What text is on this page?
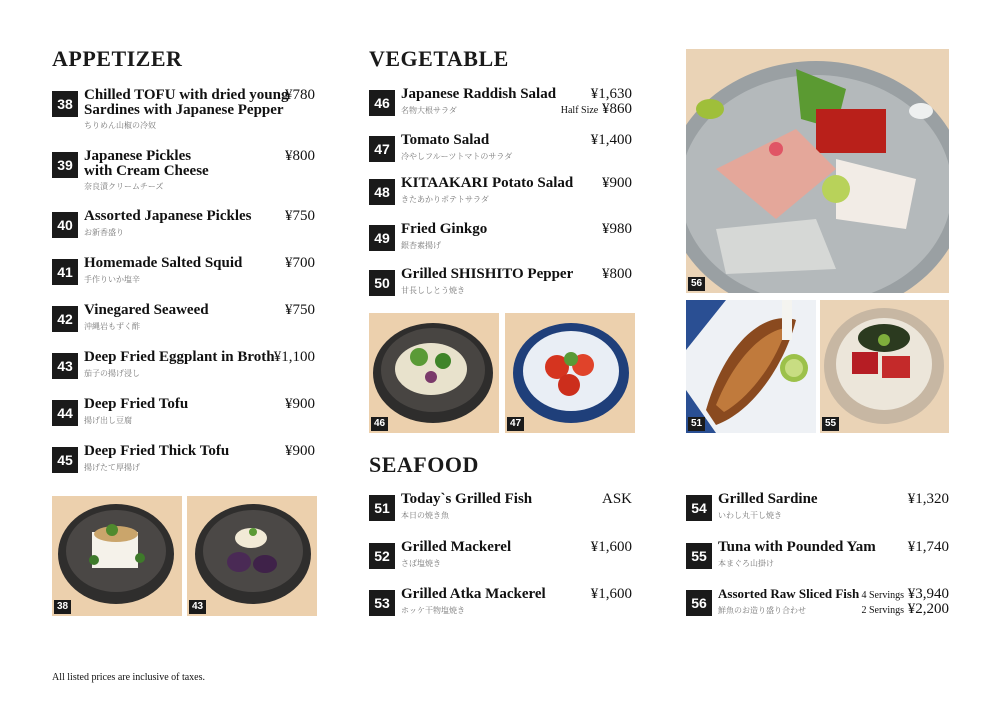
APPETIZER
38
Chilled TOFU with dried young
Sardines with Japanese Pepper
ちりめん山椒の冷奴
¥780
39
Japanese Pickles
with Cream Cheese
奈良漬クリームチーズ
¥800
40
Assorted Japanese Pickles
お新香盛り
¥750
41
Homemade Salted Squid
手作りいか塩辛
¥700
42
Vinegared Seaweed
沖縄岩もずく酢
¥750
43
Deep Fried Eggplant in Broth
茄子の揚げ浸し
¥1,100
44
Deep Fried Tofu
揚げ出し豆腐
¥900
45
Deep Fried Thick Tofu
揚げたて厚揚げ
¥900
38	43
VEGETABLE
46
Japanese Raddish Salad
名物大根サラダ
¥1,630
Half Size ¥860
47
Tomato Salad
冷やしフルーツトマトのサラダ
¥1,400
48
KITAAKARI Potato Salad
きたあかりポテトサラダ
¥900
49
Fried Ginkgo
銀杏素揚げ
¥980
50
Grilled SHISHITO Pepper
甘長ししとう焼き
¥800
46	47
56
51	55
SEAFOOD
51
Today`s Grilled Fish
本日の焼き魚
ASK
52
Grilled Mackerel
さば塩焼き
¥1,600
53
Grilled Atka Mackerel
ホッケ干物塩焼き
¥1,600
54
Grilled Sardine
いわし丸干し焼き
¥1,320
55
Tuna with Pounded Yam
本まぐろ山掛け
¥1,740
56
Assorted Raw Sliced Fish
鮮魚のお造り盛り合わせ
4 Servings ¥3,940
2 Servings ¥2,200
All listed prices are inclusive of taxes.
